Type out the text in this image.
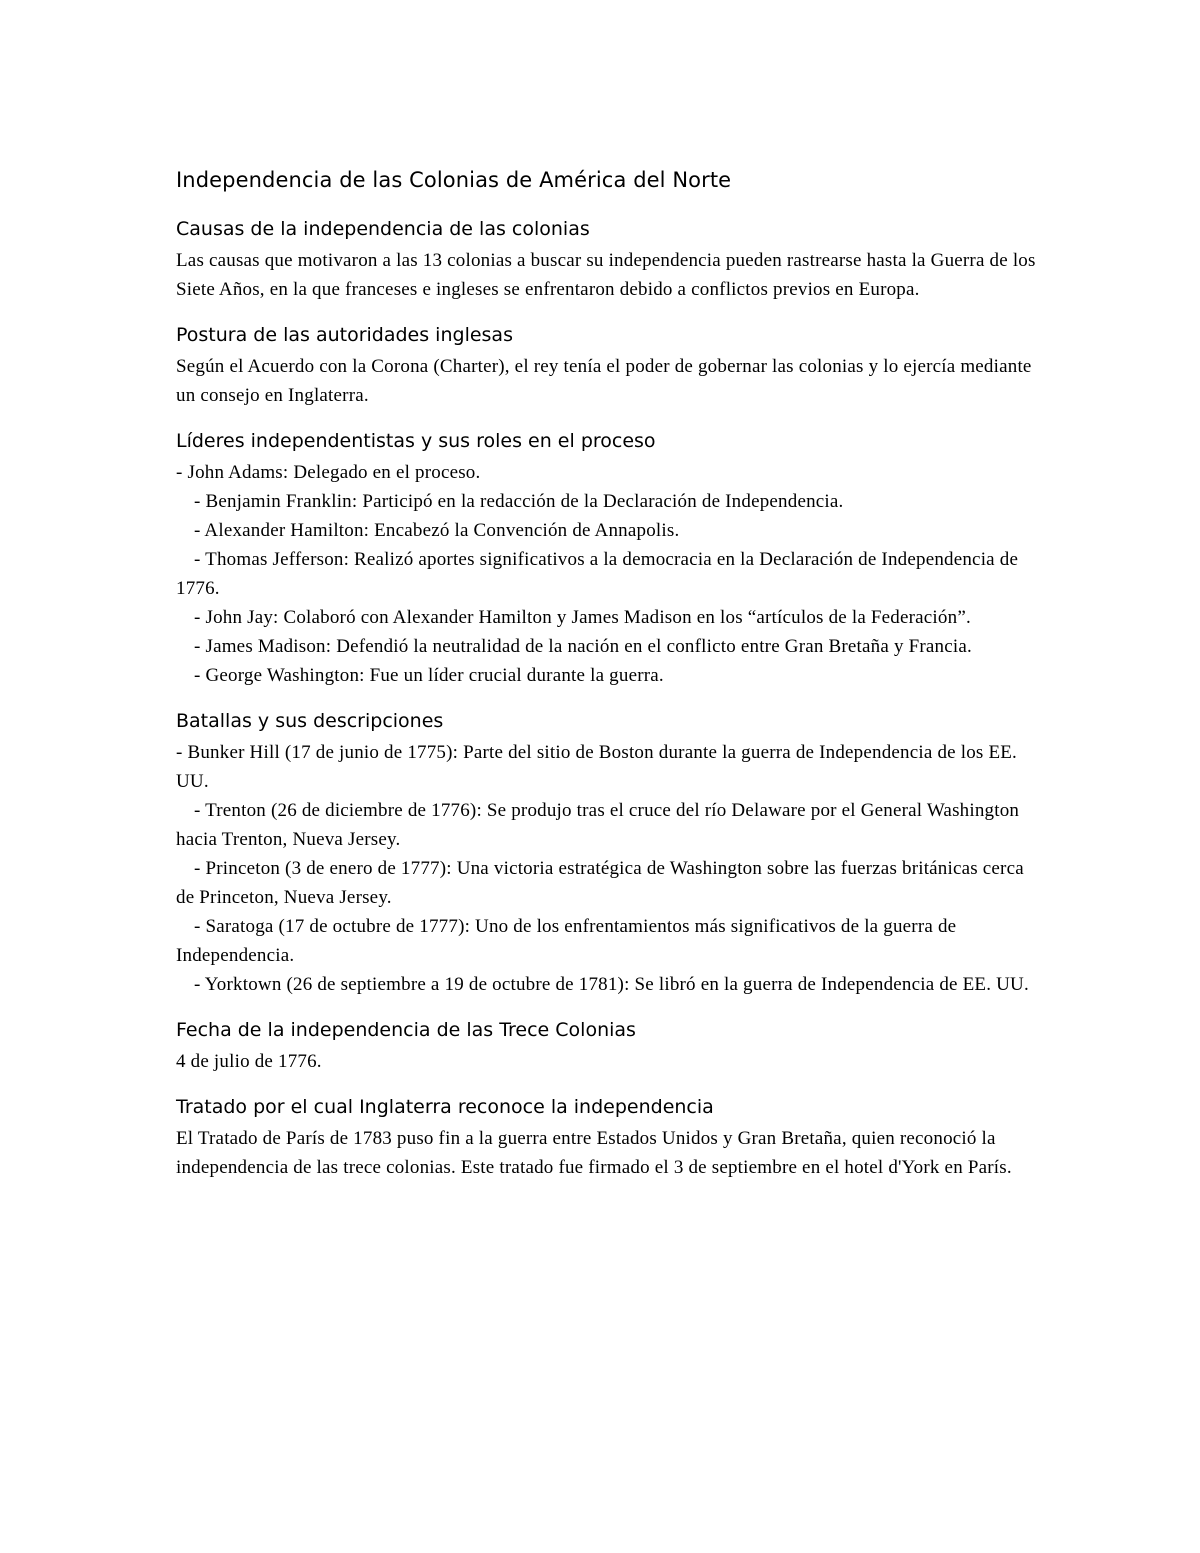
Independencia de las Colonias de América del Norte
Causas de la independencia de las colonias

Las causas que motivaron a las 13 colonias a buscar su independencia pueden rastrearse hasta la Guerra de los Siete Años, en la que franceses e ingleses se enfrentaron debido a conflictos previos en Europa.

Postura de las autoridades inglesas

Según el Acuerdo con la Corona (Charter), el rey tenía el poder de gobernar las colonias y lo ejercía mediante un consejo en Inglaterra.

Líderes independentistas y sus roles en el proceso
- John Adams: Delegado en el proceso.
- Benjamin Franklin: Participó en la redacción de la Declaración de Independencia.
- Alexander Hamilton: Encabezó la Convención de Annapolis.
- Thomas Jefferson: Realizó aportes significativos a la democracia en la Declaración de Independencia de 1776.
- John Jay: Colaboró con Alexander Hamilton y James Madison en los “artículos de la Federación”.
- James Madison: Defendió la neutralidad de la nación en el conflicto entre Gran Bretaña y Francia.
- George Washington: Fue un líder crucial durante la guerra.
Batallas y sus descripciones
- Bunker Hill (17 de junio de 1775): Parte del sitio de Boston durante la guerra de Independencia de los EE. UU.
- Trenton (26 de diciembre de 1776): Se produjo tras el cruce del río Delaware por el General Washington hacia Trenton, Nueva Jersey.
- Princeton (3 de enero de 1777): Una victoria estratégica de Washington sobre las fuerzas británicas cerca de Princeton, Nueva Jersey.
- Saratoga (17 de octubre de 1777): Uno de los enfrentamientos más significativos de la guerra de Independencia.
- Yorktown (26 de septiembre a 19 de octubre de 1781): Se libró en la guerra de Independencia de EE. UU.
Fecha de la independencia de las Trece Colonias

4 de julio de 1776.

Tratado por el cual Inglaterra reconoce la independencia

El Tratado de París de 1783 puso fin a la guerra entre Estados Unidos y Gran Bretaña, quien reconoció la independencia de las trece colonias. Este tratado fue firmado el 3 de septiembre en el hotel d'York en París.
